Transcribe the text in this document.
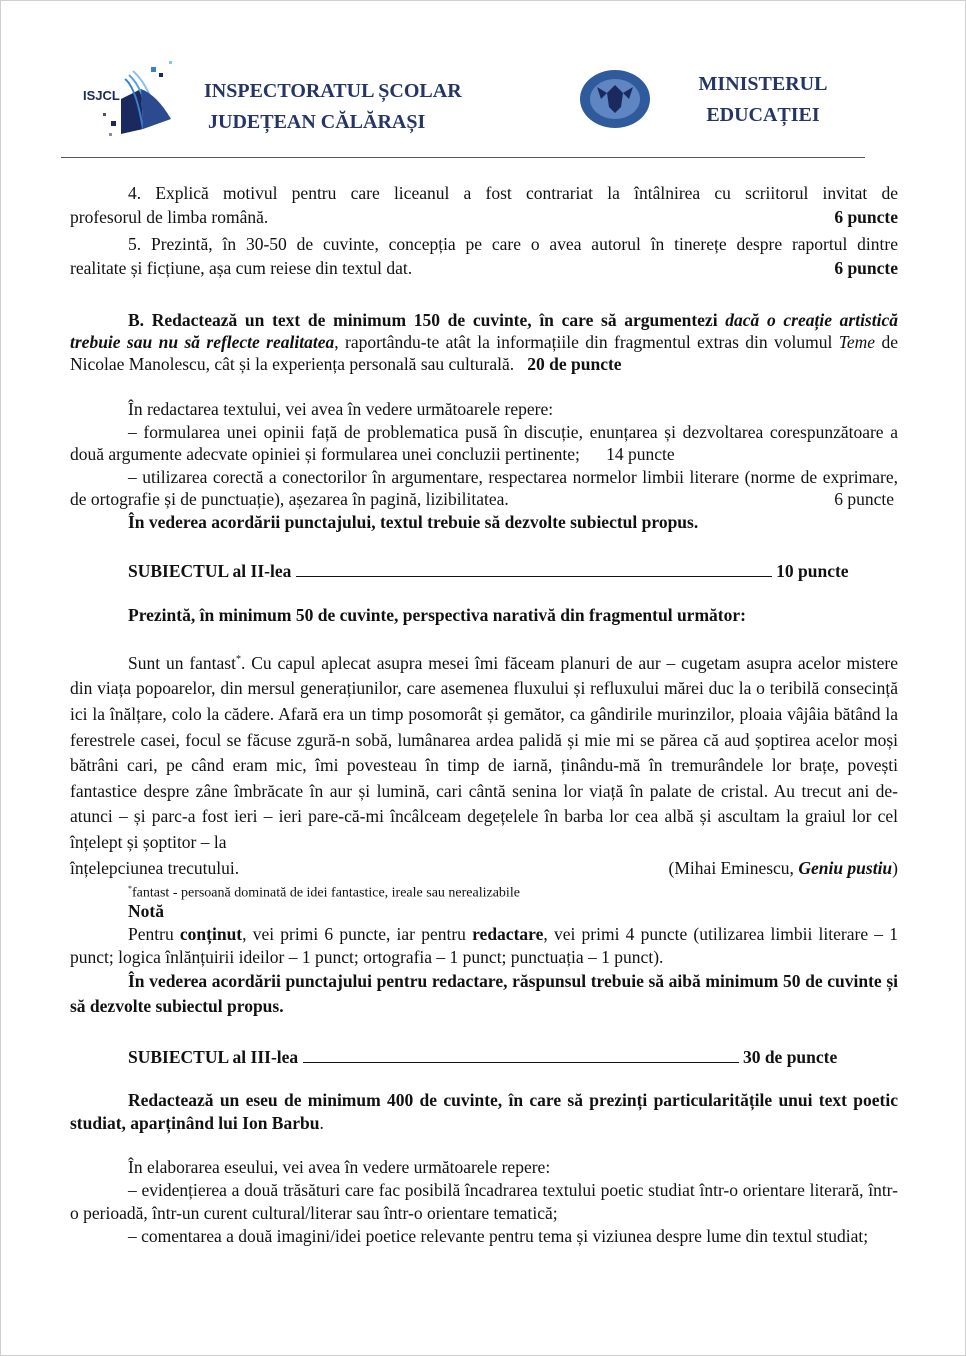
ISJCL	INSPECTORATUL ȘCOLAR
JUDEȚEAN CĂLĂRAȘI
MINISTERUL
EDUCAȚIEI
4. Explică motivul pentru care liceanul a fost contrariat la întâlnirea cu scriitorul invitat de
profesorul de limba română.	6 puncte
5. Prezintă, în 30-50 de cuvinte, concepția pe care o avea autorul în tinerețe despre raportul dintre
realitate și ficțiune, așa cum reiese din textul dat.	6 puncte
B. Redactează un text de minimum 150 de cuvinte, în care să argumentezi dacă o creație artistică trebuie sau nu să reflecte realitatea, raportându-te atât la informațiile din fragmentul extras din volumul Teme de Nicolae Manolescu, cât și la experiența personală sau culturală. 20 de puncte
În redactarea textului, vei avea în vedere următoarele repere:
– formularea unei opinii față de problematica pusă în discuție, enunțarea și dezvoltarea corespunzătoare a două argumente adecvate opiniei și formularea unei concluzii pertinente; 14 puncte
– utilizarea corectă a conectorilor în argumentare, respectarea normelor limbii literare (norme de exprimare, de ortografie și de punctuație), așezarea în pagină, lizibilitatea.	6 puncte
În vederea acordării punctajului, textul trebuie să dezvolte subiectul propus.
SUBIECTUL al II-lea	10 puncte
Prezintă, în minimum 50 de cuvinte, perspectiva narativă din fragmentul următor:
Sunt un fantast*. Cu capul aplecat asupra mesei îmi făceam planuri de aur – cugetam asupra acelor mistere din viața popoarelor, din mersul generațiunilor, care asemenea fluxului și refluxului mărei duc la o teribilă consecință ici la înălțare, colo la cădere. Afară era un timp posomorât și gemător, ca gândirile murinzilor, ploaia vâjâia bătând la ferestrele casei, focul se făcuse zgură-n sobă, lumânarea ardea palidă și mie mi se părea că aud șoptirea acelor moși bătrâni cari, pe când eram mic, îmi povesteau în timp de iarnă, ținându-mă în tremurândele lor brațe, povești fantastice despre zâne îmbrăcate în aur și lumină, cari cântă senina lor viață în palate de cristal. Au trecut ani de-atunci – și parc-a fost ieri – ieri pare-că-mi încâlceam degețelele în barba lor cea albă și ascultam la graiul lor cel înțelept și șoptitor – la
înțelepciunea trecutului.	(Mihai Eminescu, Geniu pustiu)
*fantast - persoană dominată de idei fantastice, ireale sau nerealizabile
Notă
Pentru conținut, vei primi 6 puncte, iar pentru redactare, vei primi 4 puncte (utilizarea limbii literare – 1 punct; logica înlănțuirii ideilor – 1 punct; ortografia – 1 punct; punctuația – 1 punct).
În vederea acordării punctajului pentru redactare, răspunsul trebuie să aibă minimum 50 de cuvinte și să dezvolte subiectul propus.
SUBIECTUL al III-lea	30 de puncte
Redactează un eseu de minimum 400 de cuvinte, în care să prezinți particularitățile unui text poetic studiat, aparținând lui Ion Barbu.
În elaborarea eseului, vei avea în vedere următoarele repere:
– evidențierea a două trăsături care fac posibilă încadrarea textului poetic studiat într-o orientare literară, într-o perioadă, într-un curent cultural/literar sau într-o orientare tematică;
– comentarea a două imagini/idei poetice relevante pentru tema și viziunea despre lume din textul studiat;
